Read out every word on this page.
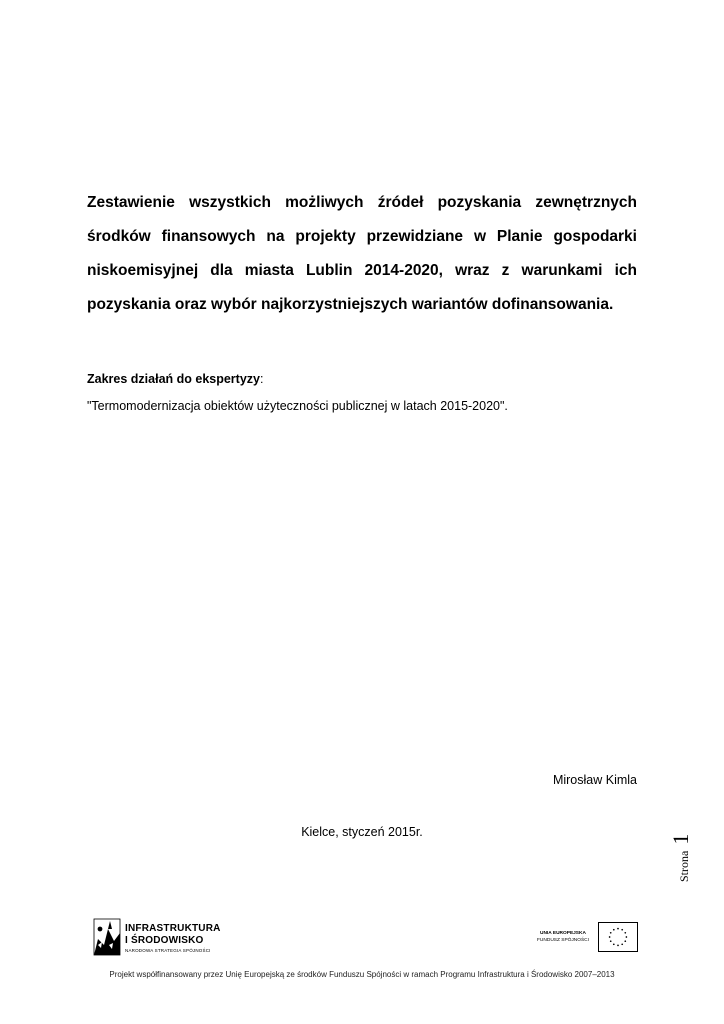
Zestawienie wszystkich możliwych źródeł pozyskania zewnętrznych środków finansowych na projekty przewidziane w Planie gospodarki niskoemisyjnej dla miasta Lublin 2014-2020, wraz z warunkami ich pozyskania oraz wybór najkorzystniejszych wariantów dofinansowania.

Zakres działań do ekspertyzy:
"Termomodernizacja obiektów użyteczności publicznej w latach 2015-2020".
Mirosław Kimla
Kielce, styczeń 2015r.
Strona1
INFRASTRUKTURA
I ŚRODOWISKO
NARODOWA STRATEGIA SPÓJNOŚCI
UNIA EUROPEJSKA
FUNDUSZ SPÓJNOŚCI
Projekt współfinansowany przez Unię Europejską ze środków Funduszu Spójności w ramach Programu Infrastruktura i Środowisko 2007–2013
